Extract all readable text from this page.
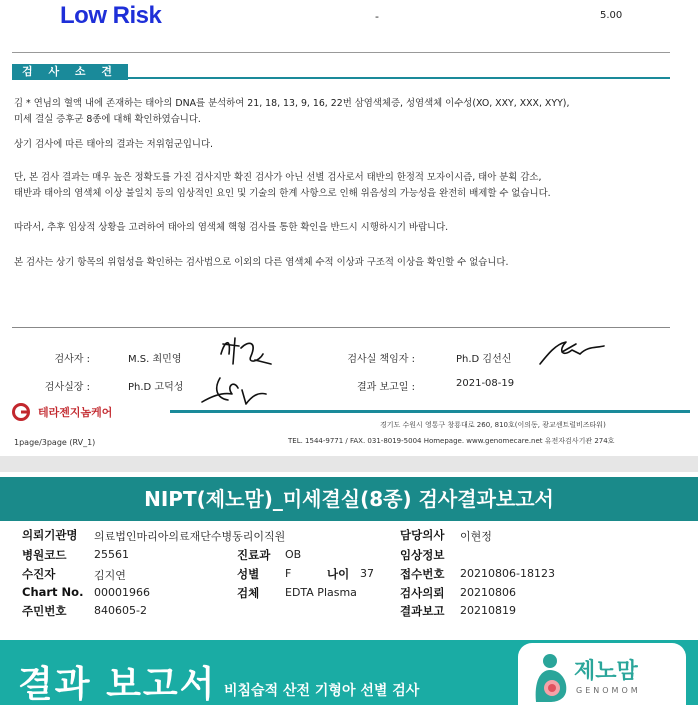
Low Risk	-	5.00
검 사 소 견
김 * 연님의 혈액 내에 존재하는 태아의 DNA를 분석하여 21, 18, 13, 9, 16, 22번 삼염색체증, 성염색체 이수성(XO, XXY, XXX, XYY),
미세 결실 증후군 8종에 대해 확인하였습니다.
상기 검사에 따른 태아의 결과는 저위험군입니다.
단, 본 검사 결과는 매우 높은 정확도를 가진 검사지만 확진 검사가 아닌 선별 검사로서 태반의 한정적 모자이시즘, 태아 분획 감소,
태반과 태아의 염색체 이상 불일치 등의 임상적인 요인 및 기술의 한계 사항으로 인해 위음성의 가능성을 완전히 배제할 수 없습니다.
따라서, 추후 임상적 상황을 고려하여 태아의 염색체 핵형 검사를 통한 확인을 반드시 시행하시기 바랍니다.
본 검사는 상기 항목의 위험성을 확인하는 검사법으로 이외의 다른 염색체 수적 이상과 구조적 이상을 확인할 수 없습니다.
검사자 :	M.S. 최민영	검사실 책임자 :	Ph.D 김선신
검사실장 :	Ph.D 고덕성	결과 보고일 :	2021-08-19
테라젠지놈케어
경기도 수원시 영통구 창룡대로 260, 810호(이의동, 광교센트럴비즈타워)
TEL. 1544-9771 / FAX. 031-8019-5004 Homepage. www.genomecare.net 유전자검사기관 274호
1page/3page (RV_1)
NIPT(제노맘)_미세결실(8종) 검사결과보고서
의뢰기관명 의료법인마리아의료재단수병동리이직원	담당의사 이현정
병원코드	25561	진료과 OB	임상정보
수진자	김지연	성별 F	나이 37 접수번호 20210806-18123
Chart No. 00001966	검체 EDTA Plasma	검사의뢰 20210806
주민번호	840605-2	결과보고 20210819
결과 보고서 비침습적 산전 기형아 선별 검사
제노맘
GENOMOM
